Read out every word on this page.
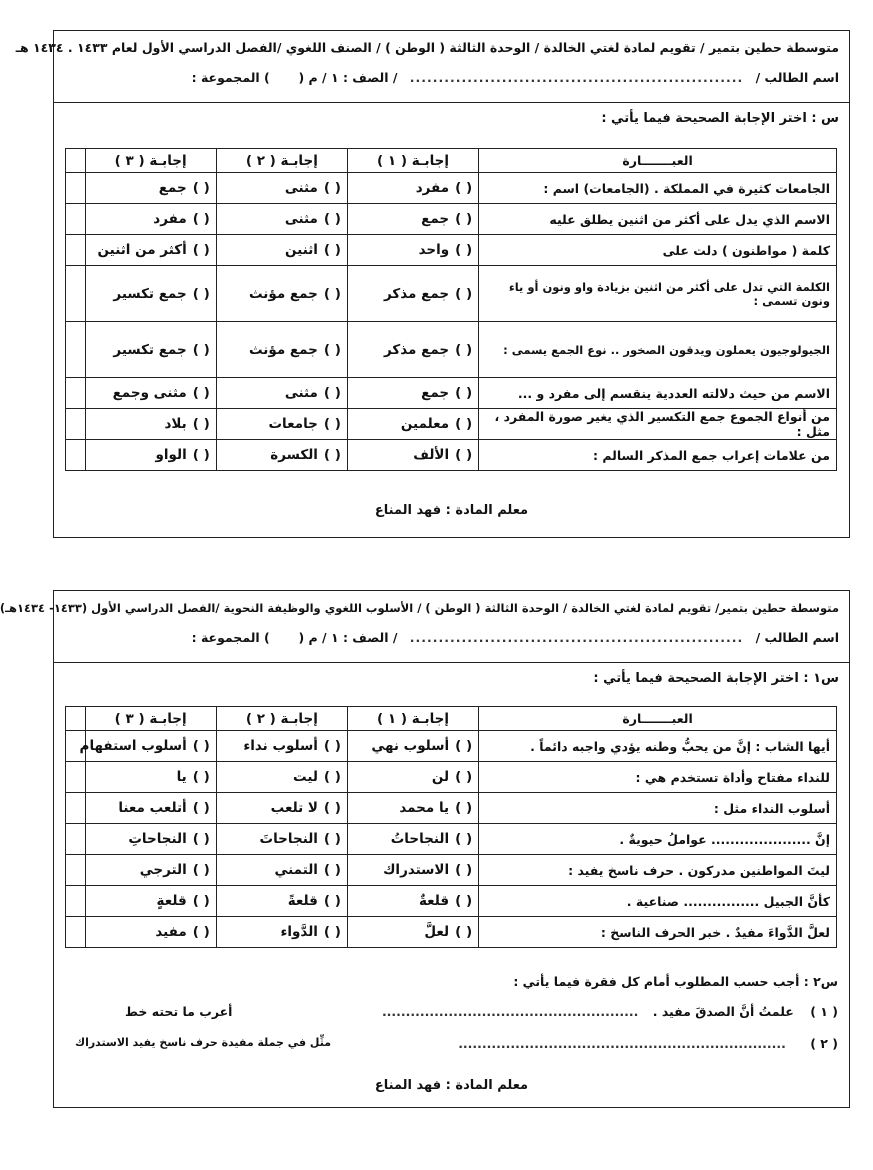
متوسطة حطين بتمير / تقويم لمادة لغتي الخالدة / الوحدة الثالثة ( الوطن ) / الصنف اللغوي /الفصل الدراسي الأول لعام ١٤٣٣ . ١٤٣٤ هـ
اسم الطالب / .......................................................... / الصف : ١ / م (  ) المجموعة :
س : اختر الإجابة الصحيحة فيما يأتي :
العبـــــــارة	إجابـة ( ١ )	إجابـة ( ٢ )	إجابـة ( ٣ )	
الجامعات كثيرة في المملكة . (الجامعات) اسم :	( )مفرد	( )مثنى	( )جمع	
الاسم الذي يدل على أكثر من اثنين يطلق عليه	( )جمع	( )مثنى	( )مفرد	
كلمة ( مواطنون ) دلت على	( )واحد	( )اثنين	( )أكثر من اثنين	
الكلمة التي تدل على أكثر من اثنين بزيادة واو ونون أو ياء ونون تسمى :	( )جمع مذكر	( )جمع مؤنث	( )جمع تكسير	
الجيولوجيون يعملون ويدقون الصخور .. نوع الجمع يسمى :	( )جمع مذكر	( )جمع مؤنث	( )جمع تكسير	
الاسم من حيث دلالته العددية ينقسم إلى مفرد و ...	( )جمع	( )مثنى	( )مثنى وجمع	
من أنواع الجموع جمع التكسير الذي يغير صورة المفرد ، مثل :	( )معلمين	( )جامعات	( )بلاد	
من علامات إعراب جمع المذكر السالم :	( )الألف	( )الكسرة	( )الواو	
معلم المادة : فهد المناع
متوسطة حطين بتمير/ تقويم لمادة لغتي الخالدة / الوحدة الثالثة ( الوطن ) / الأسلوب اللغوي والوظيفة النحوية /الفصل الدراسي الأول (١٤٣٣- ١٤٣٤هـ)
اسم الطالب / .......................................................... / الصف : ١ / م (  ) المجموعة :
س١ : اختر الإجابة الصحيحة فيما يأتي :
العبـــــــارة	إجابـة ( ١ )	إجابـة ( ٢ )	إجابـة ( ٣ )	
أيها الشاب : إنَّ من يحبُّ وطنه يؤدي واجبه دائماً .	( )أسلوب نهي	( )أسلوب نداء	( )أسلوب استفهام	
للنداء مفتاح وأداة تستخدم هي :	( )لن	( )ليت	( )يا	
أسلوب النداء مثل :	( )يا محمد	( )لا تلعب	( )أتلعب معنا	
إنَّ ..................... عواملُ حيويةٌ .	( )النجاحاتُ	( )النجاحاتَ	( )النجاحاتِ	
ليتَ المواطنين مدركون . حرف ناسخ يفيد :	( )الاستدراك	( )التمني	( )الترجي	
كأنَّ الجبيل ................ صناعية .	( )قلعةٌ	( )قلعةً	( )قلعةٍ	
لعلَّ الدَّواءَ مفيدٌ . خبر الحرف الناسخ :	( )لعلَّ	( )الدَّواء	( )مفيد	
س٢ : أجب حسب المطلوب أمام كل فقرة فيما يأتي :
( ١ ) علمتُ أنَّ الصدقَ مفيد . ......................................................
أعرب ما تحته خط
( ٢ ) .....................................................................
مثِّل في جملة مفيدة حرف ناسخ يفيد الاستدراك
معلم المادة : فهد المناع
